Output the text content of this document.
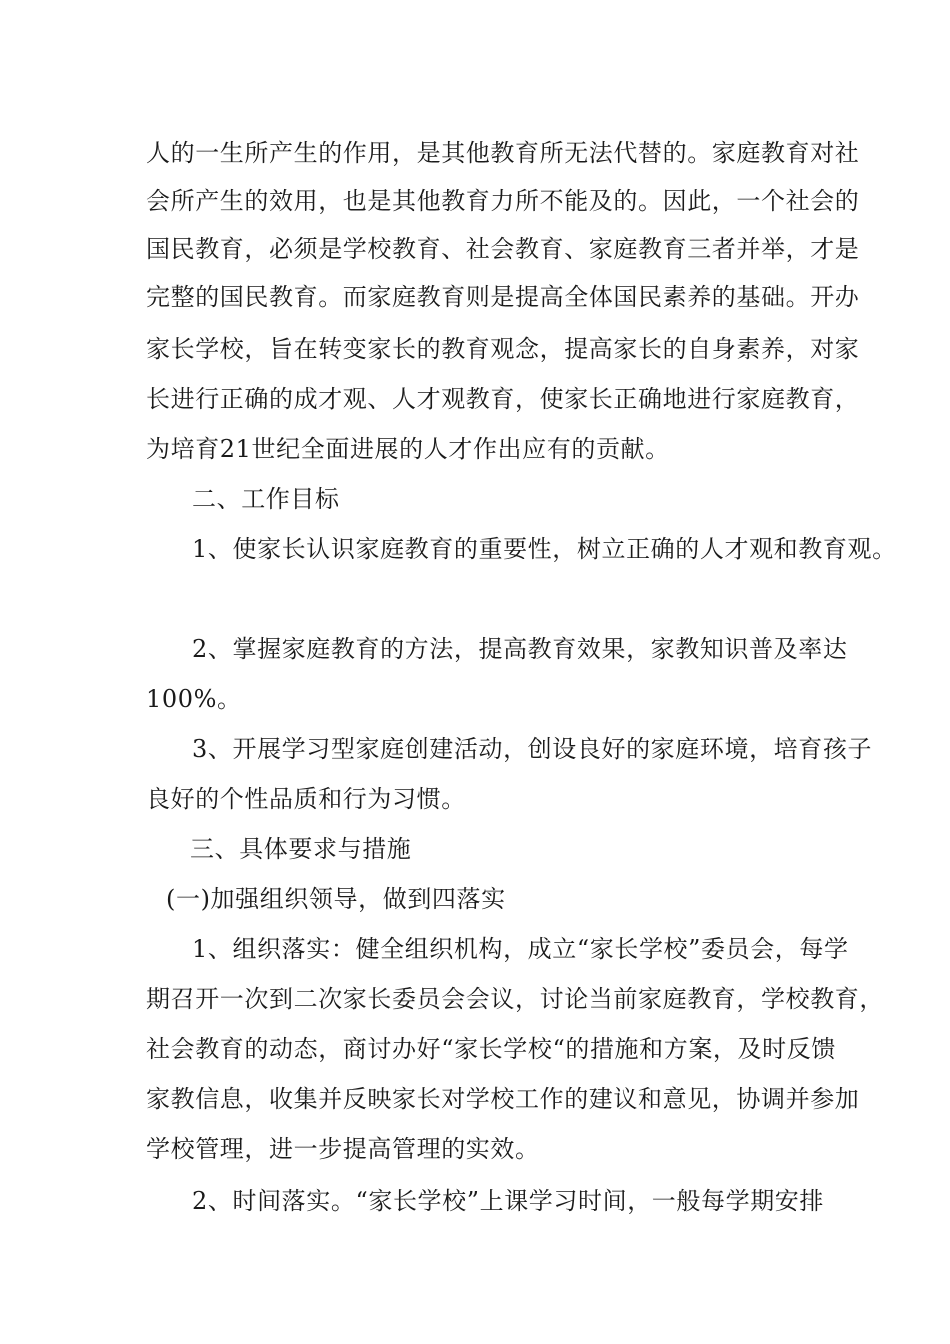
人的一生所产生的作用，是其他教育所无法代替的。家庭教育对社
会所产生的效用，也是其他教育力所不能及的。因此，一个社会的
国民教育，必须是学校教育、社会教育、家庭教育三者并举，才是
完整的国民教育。而家庭教育则是提高全体国民素养的基础。开办
家长学校，旨在转变家长的教育观念，提高家长的自身素养，对家
长进行正确的成才观、人才观教育，使家长正确地进行家庭教育，
为培育21世纪全面进展的人才作出应有的贡献。
二、工作目标
1、使家长认识家庭教育的重要性，树立正确的人才观和教育观。
2、掌握家庭教育的方法，提高教育效果，家教知识普及率达
100%。
3、开展学习型家庭创建活动，创设良好的家庭环境，培育孩子
良好的个性品质和行为习惯。
三、具体要求与措施
(一)加强组织领导，做到四落实
1、组织落实：健全组织机构，成立“家长学校”委员会，每学
期召开一次到二次家长委员会会议，讨论当前家庭教育，学校教育，
社会教育的动态，商讨办好“家长学校“的措施和方案，及时反馈
家教信息，收集并反映家长对学校工作的建议和意见，协调并参加
学校管理，进一步提高管理的实效。
2、时间落实。“家长学校”上课学习时间，一般每学期安排
